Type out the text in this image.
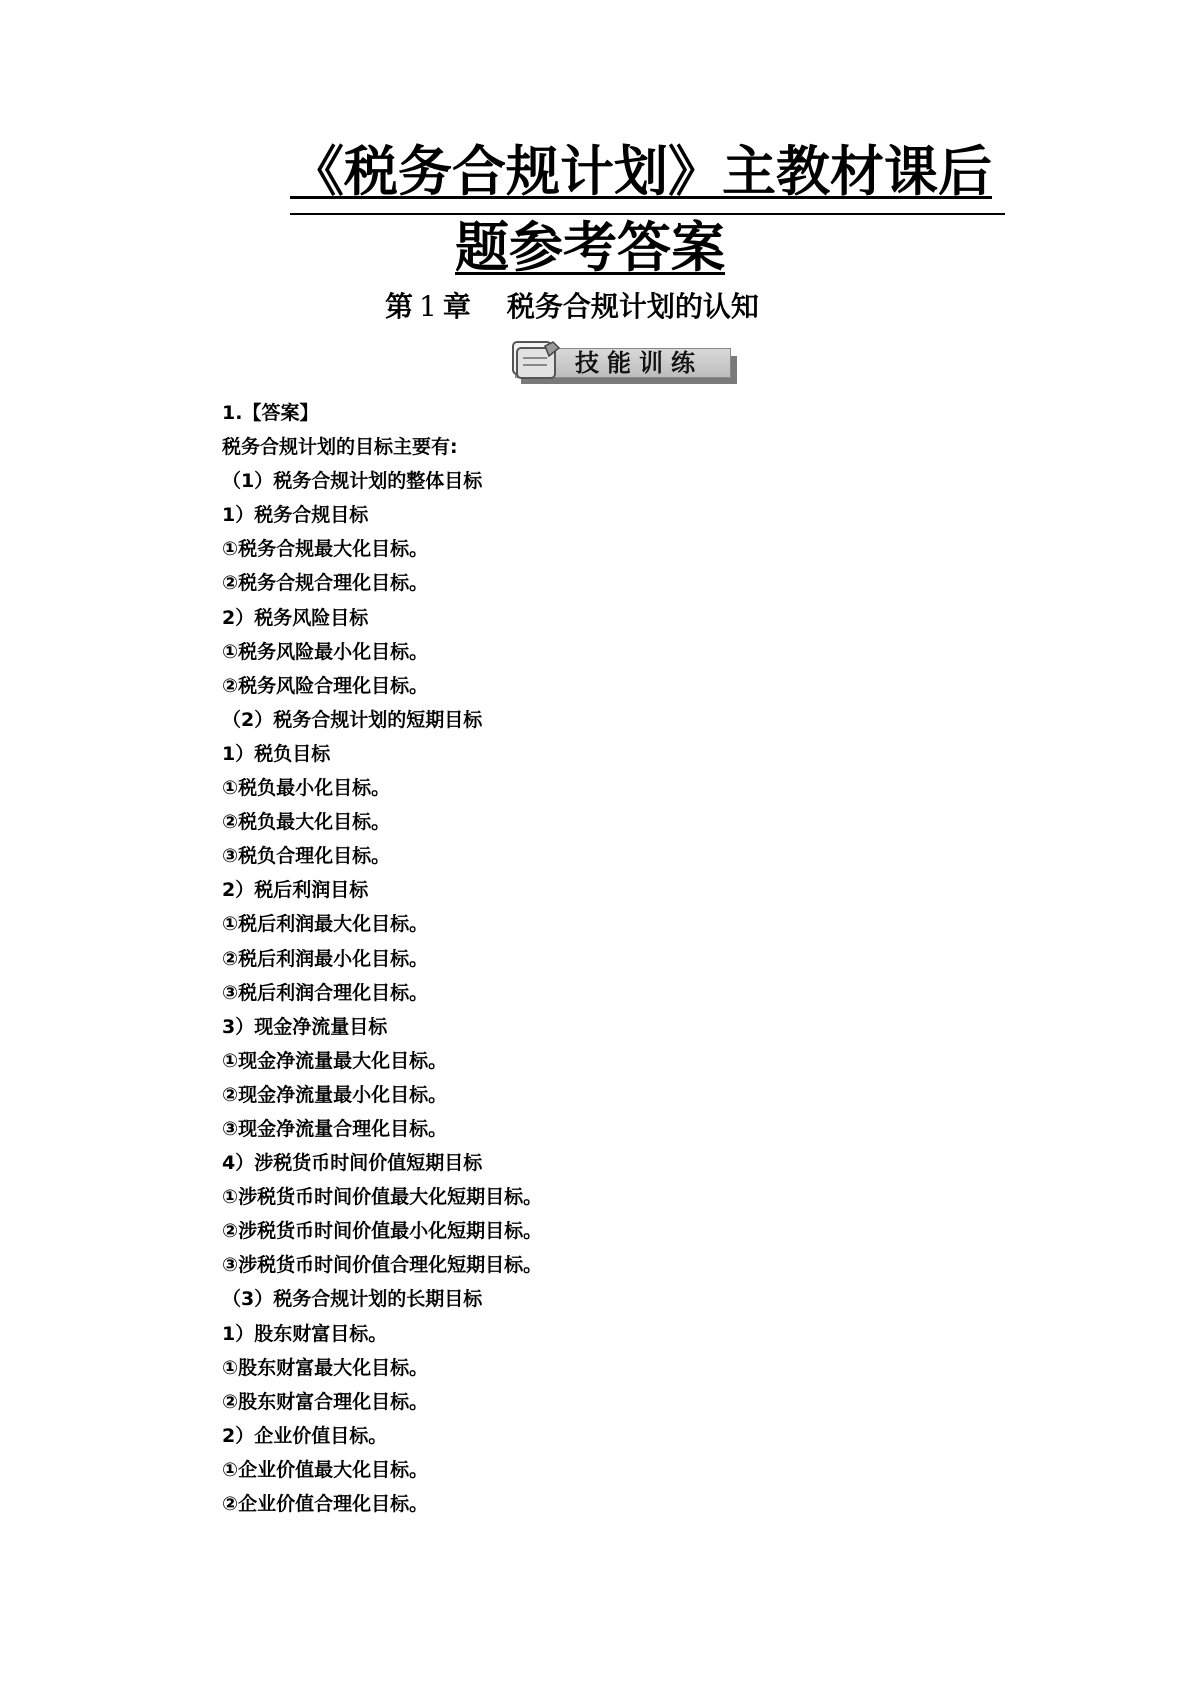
《税务合规计划》主教材课后
题参考答案
第 1 章 税务合规计划的认知
技能训练
1.【答案】
税务合规计划的目标主要有:
（1）税务合规计划的整体目标
1）税务合规目标
①税务合规最大化目标。
②税务合规合理化目标。
2）税务风险目标
①税务风险最小化目标。
②税务风险合理化目标。
（2）税务合规计划的短期目标
1）税负目标
①税负最小化目标。
②税负最大化目标。
③税负合理化目标。
2）税后利润目标
①税后利润最大化目标。
②税后利润最小化目标。
③税后利润合理化目标。
3）现金净流量目标
①现金净流量最大化目标。
②现金净流量最小化目标。
③现金净流量合理化目标。
4）涉税货币时间价值短期目标
①涉税货币时间价值最大化短期目标。
②涉税货币时间价值最小化短期目标。
③涉税货币时间价值合理化短期目标。
（3）税务合规计划的长期目标
1）股东财富目标。
①股东财富最大化目标。
②股东财富合理化目标。
2）企业价值目标。
①企业价值最大化目标。
②企业价值合理化目标。
